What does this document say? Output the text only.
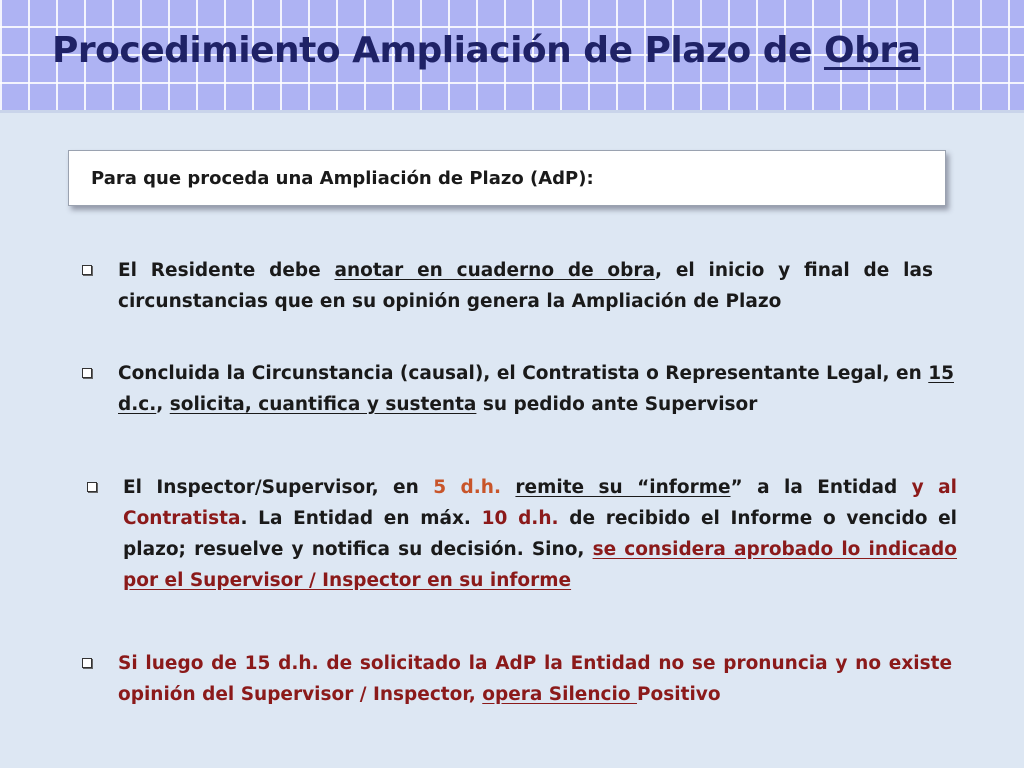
Procedimiento Ampliación de Plazo de Obra
Para que proceda una Ampliación de Plazo (AdP):
El Residente debe anotar en cuaderno de obra, el inicio y final de las circunstancias que en su opinión genera la Ampliación de Plazo
Concluida la Circunstancia (causal), el Contratista o Representante Legal, en 15 d.c., solicita, cuantifica y sustenta su pedido ante Supervisor
El Inspector/Supervisor, en 5 d.h. remite su “informe” a la Entidad y al Contratista. La Entidad en máx. 10 d.h. de recibido el Informe o vencido el plazo; resuelve y notifica su decisión. Sino, se considera aprobado lo indicado por el Supervisor / Inspector en su informe
Si luego de 15 d.h. de solicitado la AdP la Entidad no se pronuncia y no existe opinión del Supervisor / Inspector, opera Silencio Positivo
